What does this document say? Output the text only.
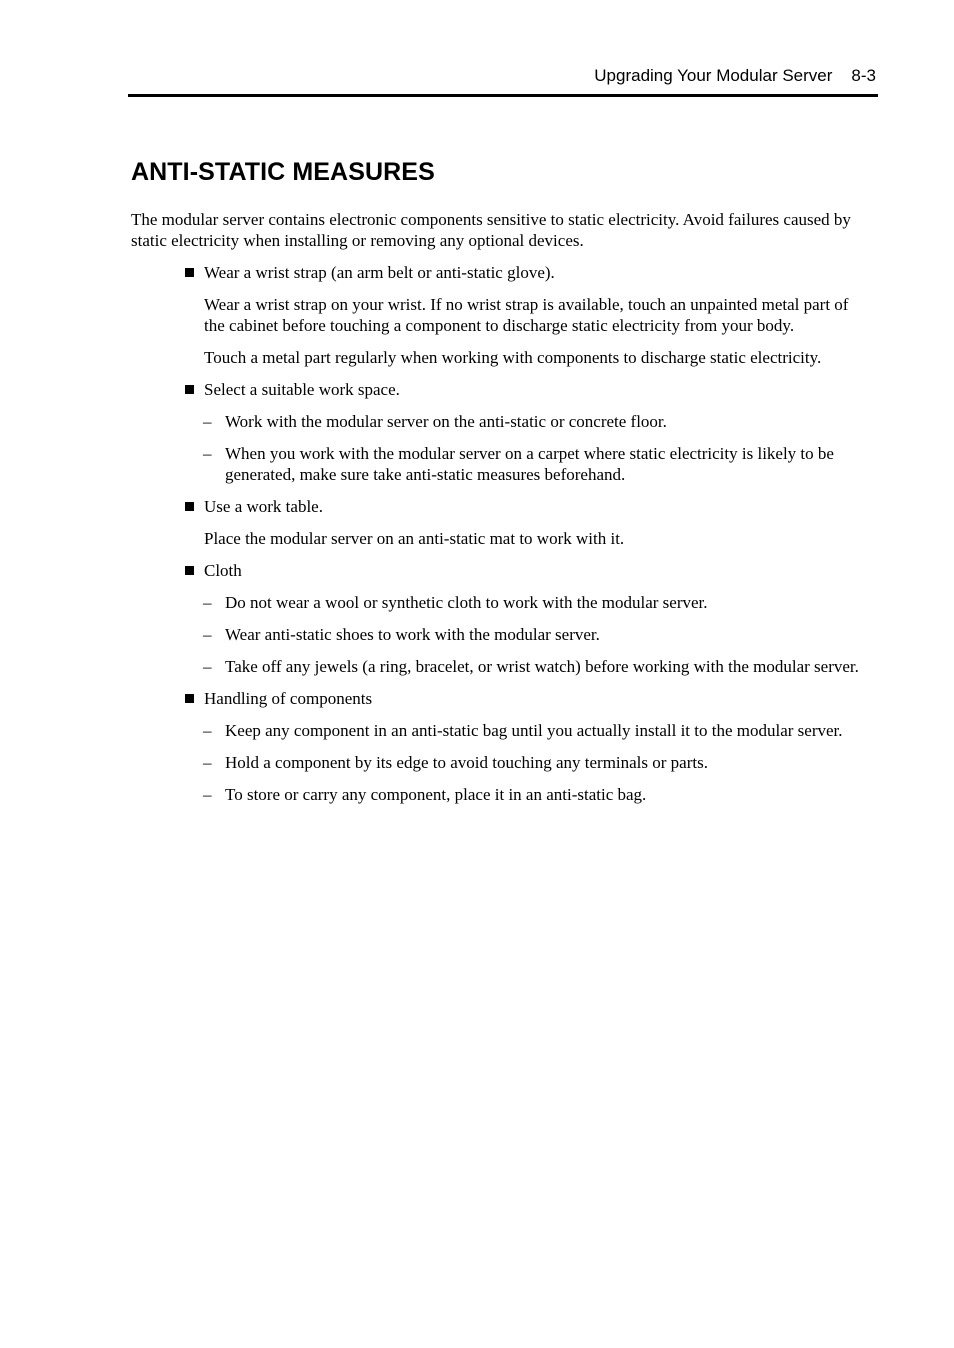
Upgrading Your Modular Server 8-3
ANTI-STATIC MEASURES

The modular server contains electronic components sensitive to static electricity. Avoid failures caused by static electricity when installing or removing any optional devices.

Wear a wrist strap (an arm belt or anti-static glove).

Wear a wrist strap on your wrist. If no wrist strap is available, touch an unpainted metal part of the cabinet before touching a component to discharge static electricity from your body.

Touch a metal part regularly when working with components to discharge static electricity.

Select a suitable work space.
– Work with the modular server on the anti-static or concrete floor.
– When you work with the modular server on a carpet where static electricity is likely to be generated, make sure take anti-static measures beforehand.
Use a work table.

Place the modular server on an anti-static mat to work with it.

Cloth
– Do not wear a wool or synthetic cloth to work with the modular server.
– Wear anti-static shoes to work with the modular server.
– Take off any jewels (a ring, bracelet, or wrist watch) before working with the modular server.
Handling of components
– Keep any component in an anti-static bag until you actually install it to the modular server.
– Hold a component by its edge to avoid touching any terminals or parts.
– To store or carry any component, place it in an anti-static bag.
